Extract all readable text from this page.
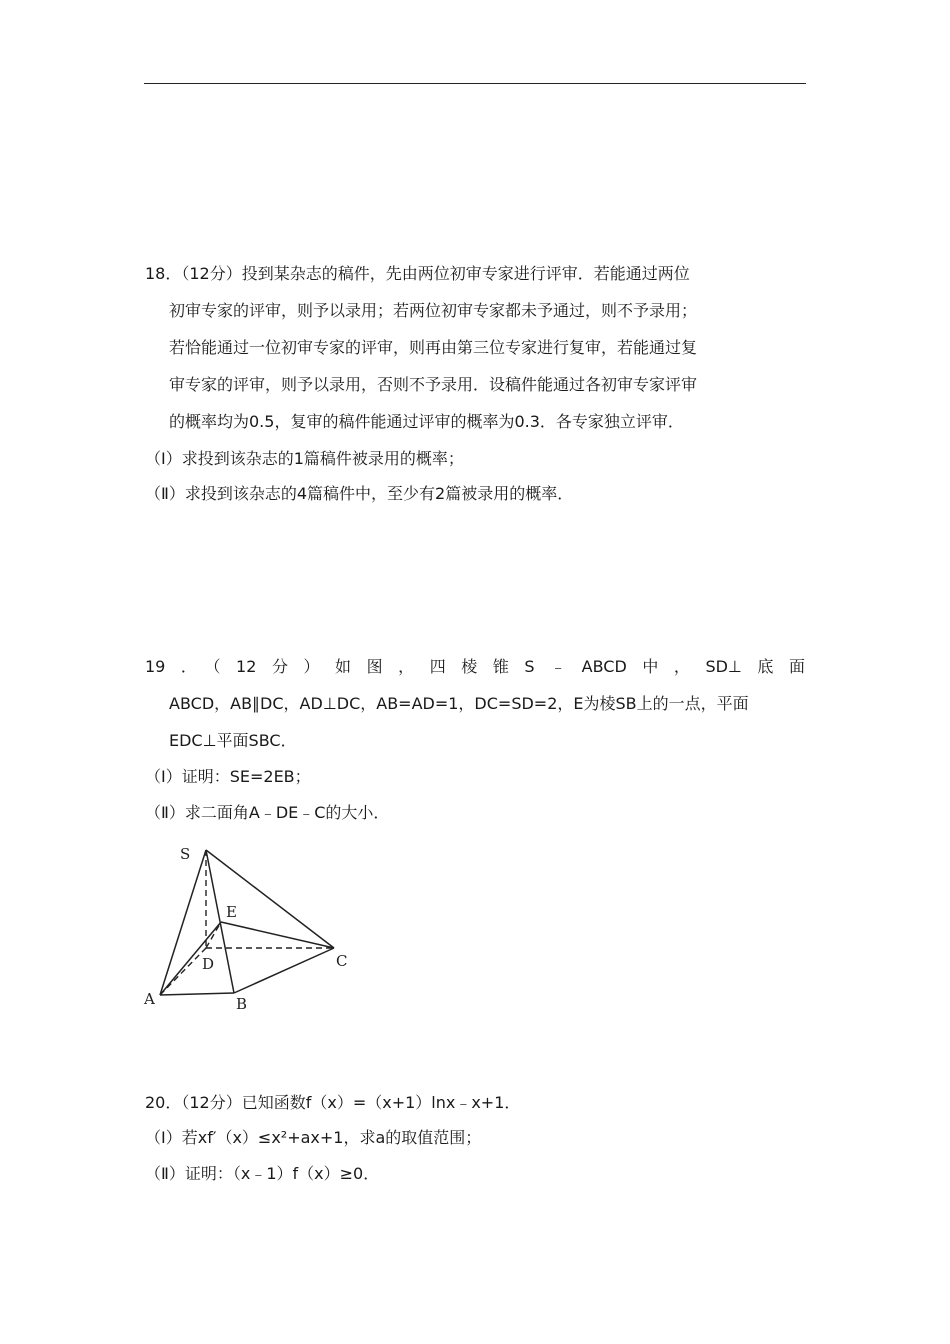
18．（12分）投到某杂志的稿件，先由两位初审专家进行评审．若能通过两位
初审专家的评审，则予以录用；若两位初审专家都未予通过，则不予录用；
若恰能通过一位初审专家的评审，则再由第三位专家进行复审，若能通过复
审专家的评审，则予以录用，否则不予录用．设稿件能通过各初审专家评审
的概率均为0.5，复审的稿件能通过评审的概率为0.3．各专家独立评审．
（Ⅰ）求投到该杂志的1篇稿件被录用的概率；
（Ⅱ）求投到该杂志的4篇稿件中，至少有2篇被录用的概率．
19．（12分）如图，四棱锥S﹣ABCD中，SD⊥底面
ABCD，AB∥DC，AD⊥DC，AB=AD=1，DC=SD=2，E为棱SB上的一点，平面
EDC⊥平面SBC．
（Ⅰ）证明：SE=2EB；
（Ⅱ）求二面角A﹣DE﹣C的大小．
S
E
D	C
A	B
20．（12分）已知函数f（x）=（x+1）lnx﹣x+1．
（Ⅰ）若xf′（x）≤x²+ax+1，求a的取值范围；
（Ⅱ）证明：（x﹣1）f（x）≥0．
